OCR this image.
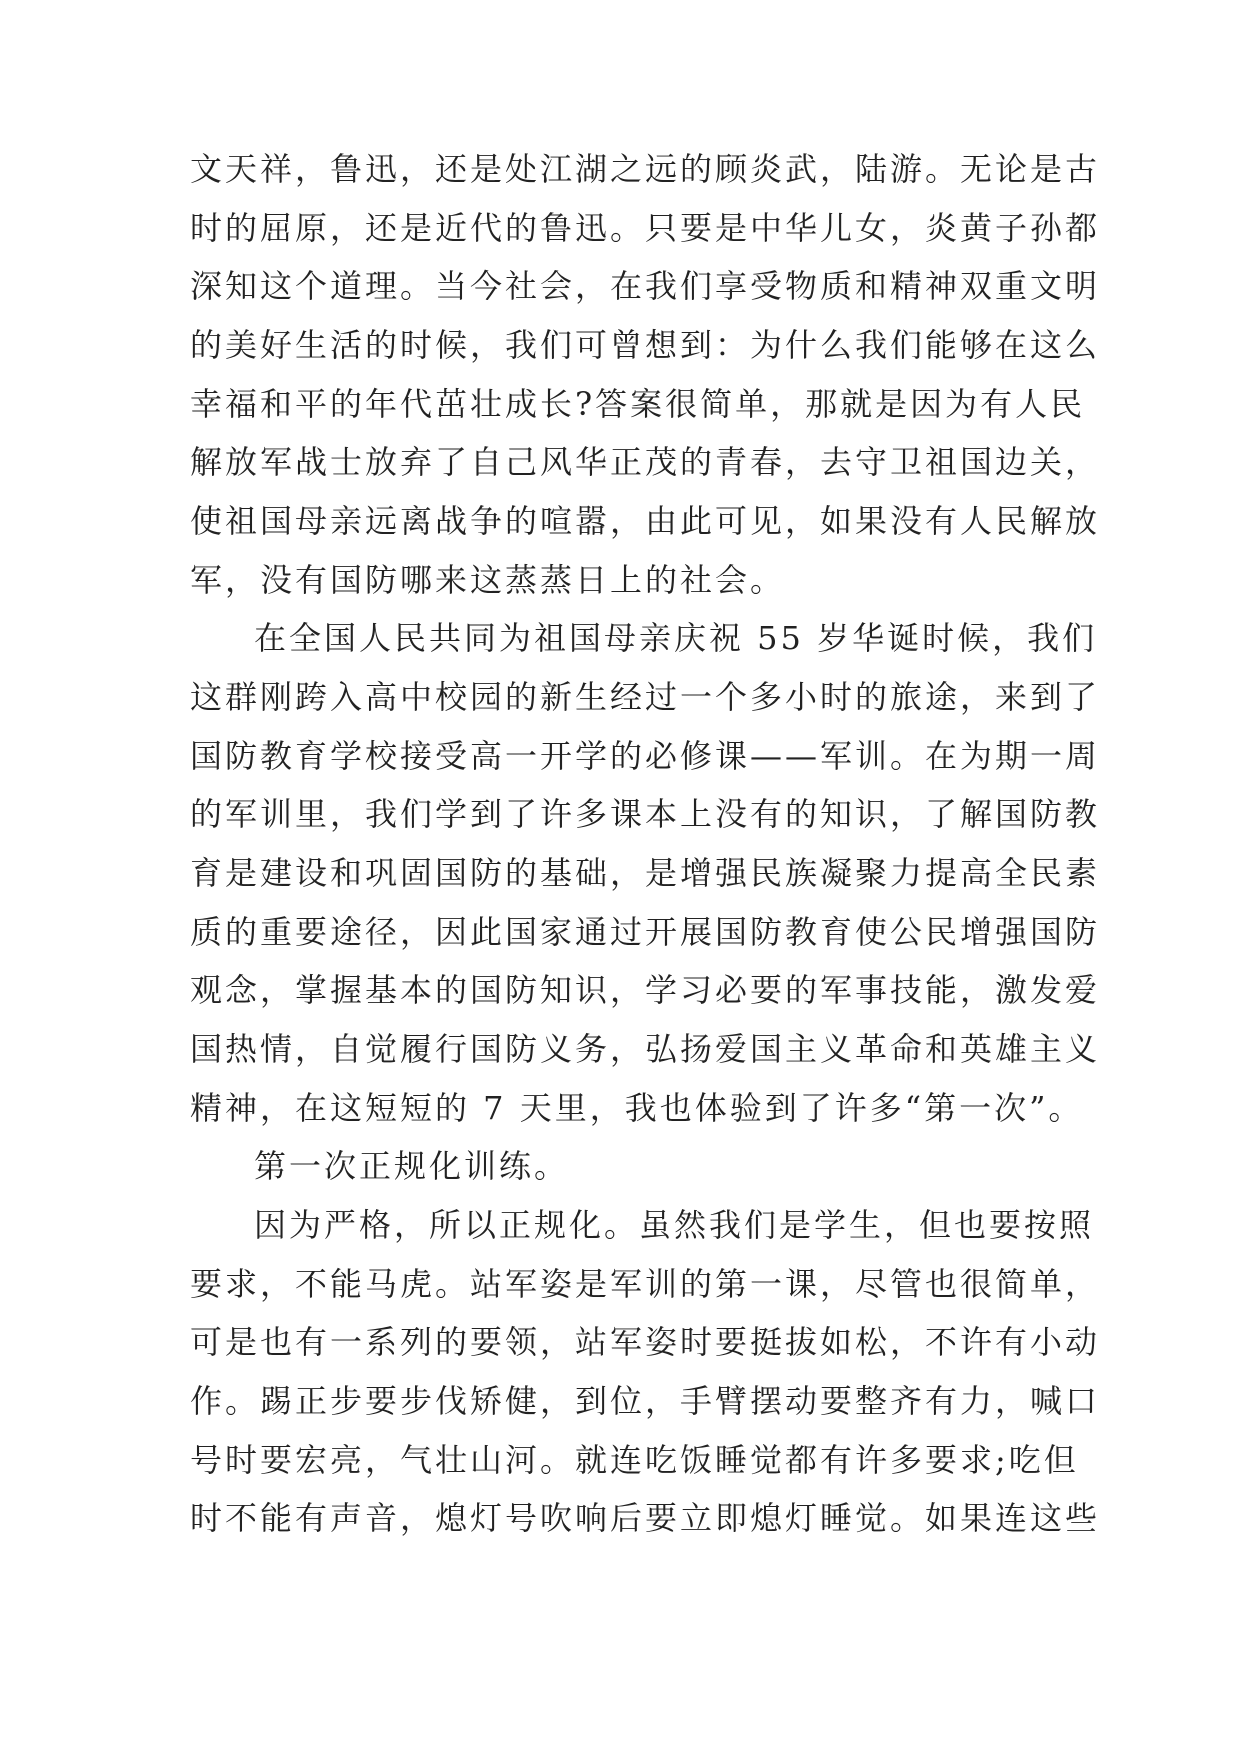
文天祥，鲁迅，还是处江湖之远的顾炎武，陆游。无论是古

时的屈原，还是近代的鲁迅。只要是中华儿女，炎黄子孙都

深知这个道理。当今社会，在我们享受物质和精神双重文明

的美好生活的时候，我们可曾想到：为什么我们能够在这么

幸福和平的年代茁壮成长?答案很简单，那就是因为有人民

解放军战士放弃了自己风华正茂的青春，去守卫祖国边关，

使祖国母亲远离战争的喧嚣，由此可见，如果没有人民解放

军，没有国防哪来这蒸蒸日上的社会。

在全国人民共同为祖国母亲庆祝 55 岁华诞时候，我们

这群刚跨入高中校园的新生经过一个多小时的旅途，来到了

国防教育学校接受高一开学的必修课——军训。在为期一周

的军训里，我们学到了许多课本上没有的知识，了解国防教

育是建设和巩固国防的基础，是增强民族凝聚力提高全民素

质的重要途径，因此国家通过开展国防教育使公民增强国防

观念，掌握基本的国防知识，学习必要的军事技能，激发爱

国热情，自觉履行国防义务，弘扬爱国主义革命和英雄主义

精神，在这短短的 7 天里，我也体验到了许多“第一次”。

第一次正规化训练。

因为严格，所以正规化。虽然我们是学生，但也要按照

要求，不能马虎。站军姿是军训的第一课，尽管也很简单，

可是也有一系列的要领，站军姿时要挺拔如松，不许有小动

作。踢正步要步伐矫健，到位，手臂摆动要整齐有力，喊口

号时要宏亮，气壮山河。就连吃饭睡觉都有许多要求;吃但

时不能有声音，熄灯号吹响后要立即熄灯睡觉。如果连这些
